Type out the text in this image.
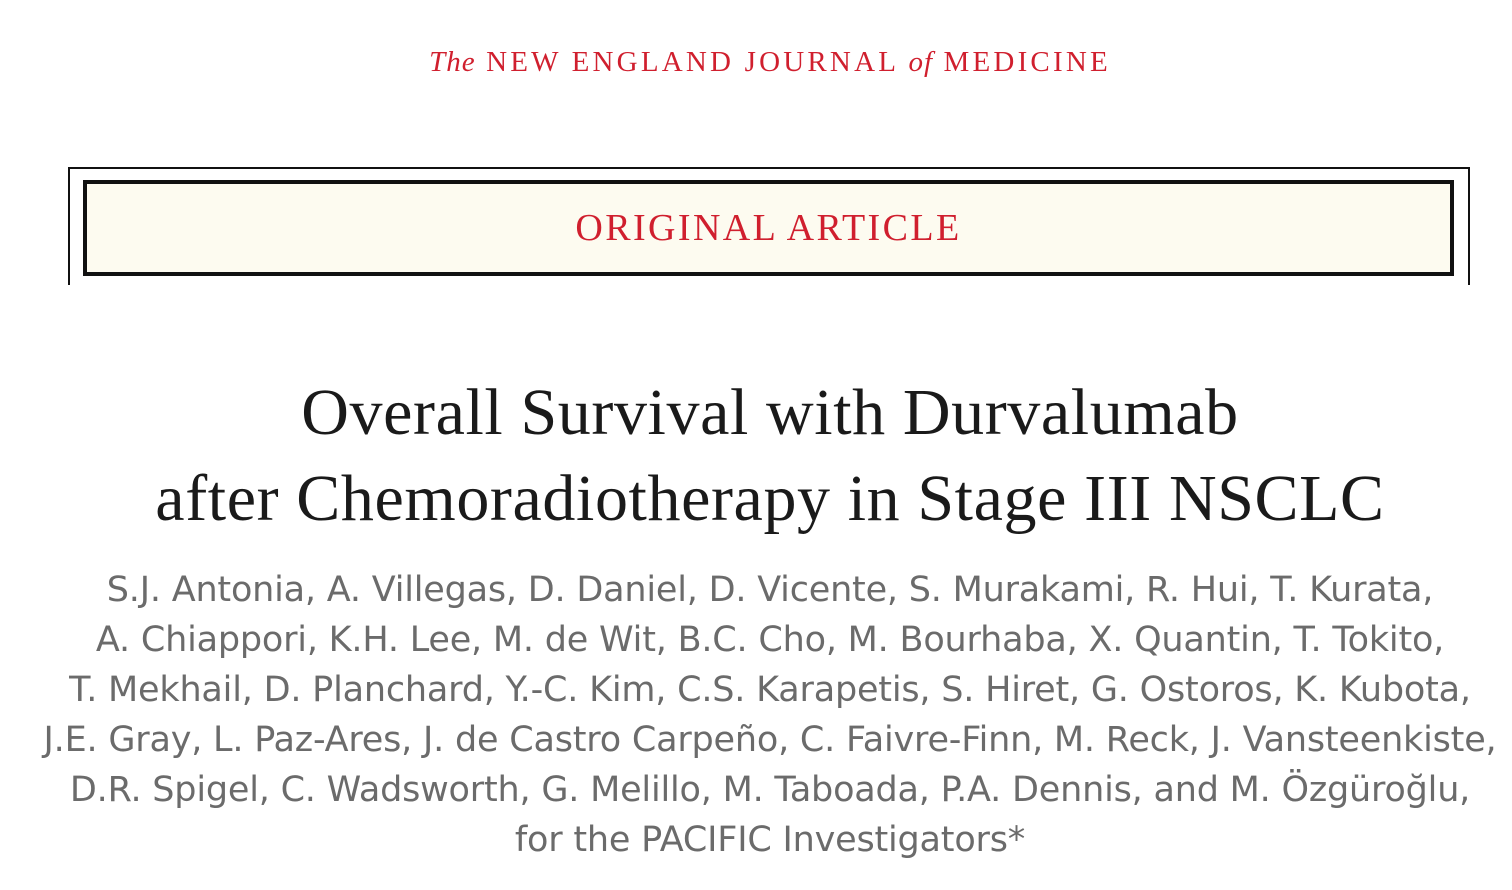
The NEW ENGLAND JOURNAL of MEDICINE
ORIGINAL ARTICLE
Overall Survival with Durvalumab
after Chemoradiotherapy in Stage III NSCLC
S.J. Antonia, A. Villegas, D. Daniel, D. Vicente, S. Murakami, R. Hui, T. Kurata,
A. Chiappori, K.H. Lee, M. de Wit, B.C. Cho, M. Bourhaba, X. Quantin, T. Tokito,
T. Mekhail, D. Planchard, Y.-C. Kim, C.S. Karapetis, S. Hiret, G. Ostoros, K. Kubota,
J.E. Gray, L. Paz-Ares, J. de Castro Carpeño, C. Faivre-Finn, M. Reck, J. Vansteenkiste,
D.R. Spigel, C. Wadsworth, G. Melillo, M. Taboada, P.A. Dennis, and M. Özgüroğlu,
for the PACIFIC Investigators*
